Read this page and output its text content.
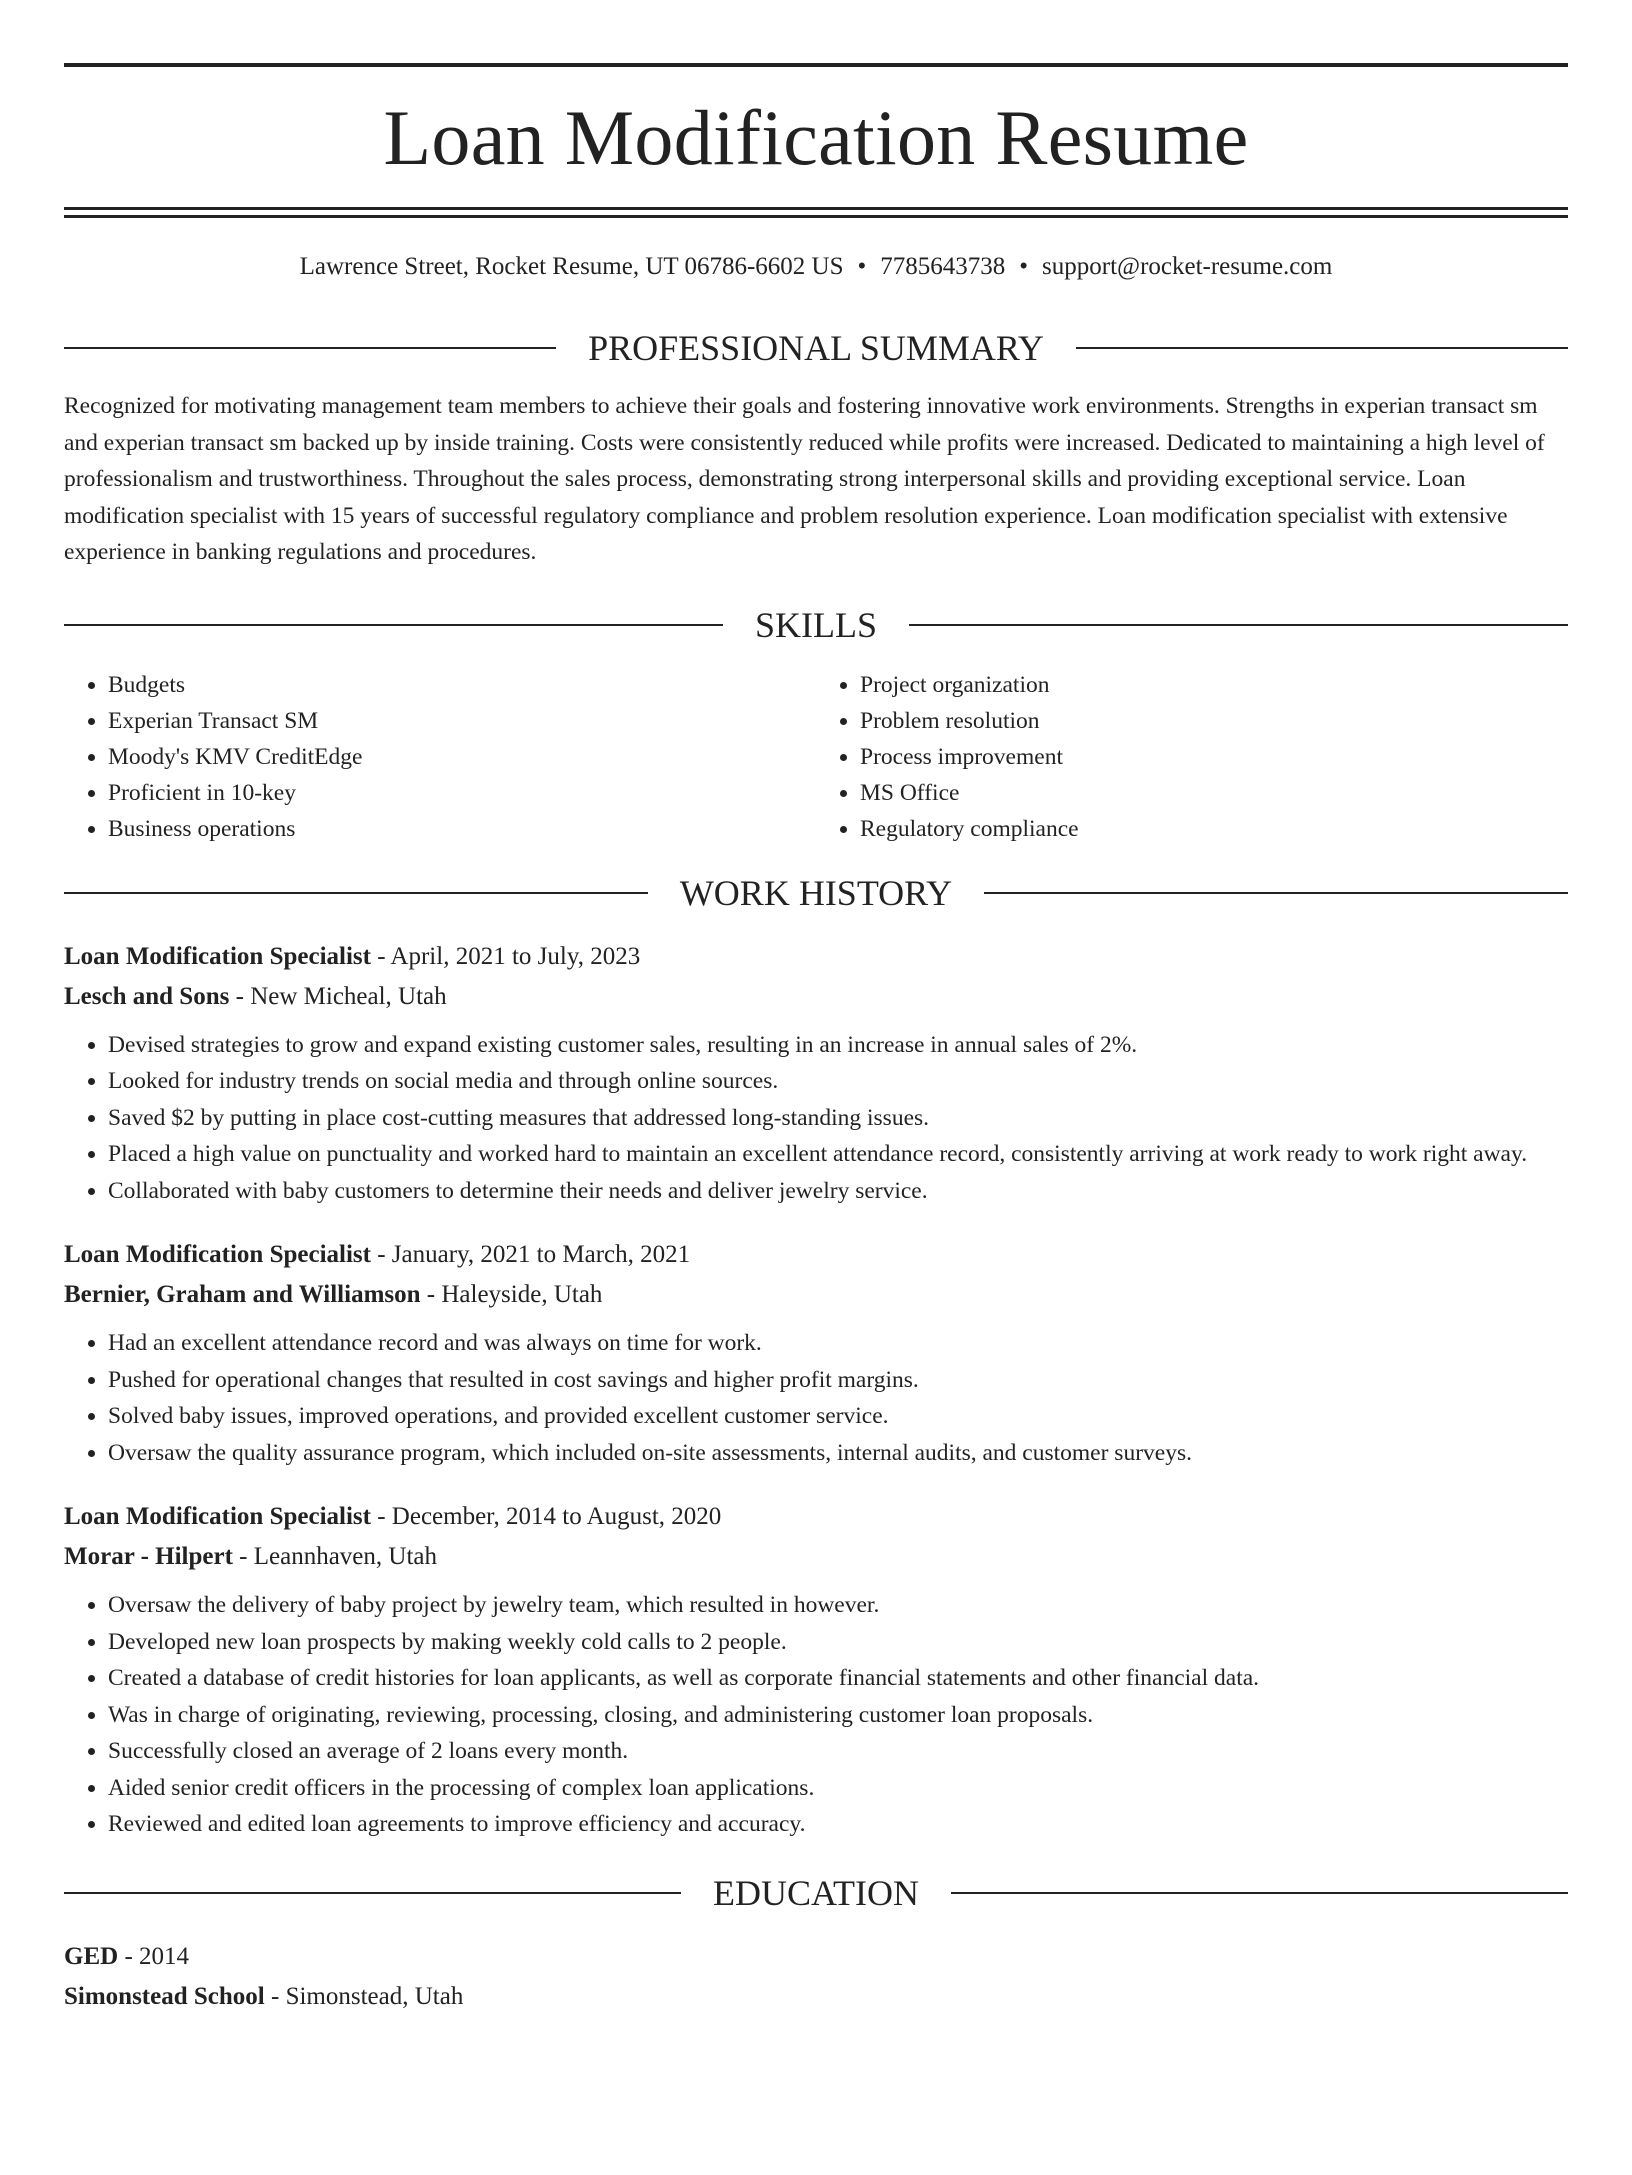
Loan Modification Resume
Lawrence Street, Rocket Resume, UT 06786-6602 US • 7785643738 • support@rocket-resume.com
PROFESSIONAL SUMMARY
Recognized for motivating management team members to achieve their goals and fostering innovative work environments. Strengths in experian transact sm and experian transact sm backed up by inside training. Costs were consistently reduced while profits were increased. Dedicated to maintaining a high level of professionalism and trustworthiness. Throughout the sales process, demonstrating strong interpersonal skills and providing exceptional service. Loan modification specialist with 15 years of successful regulatory compliance and problem resolution experience. Loan modification specialist with extensive experience in banking regulations and procedures.
SKILLS
• Budgets
• Experian Transact SM
• Moody's KMV CreditEdge
• Proficient in 10-key
• Business operations
• Project organization
• Problem resolution
• Process improvement
• MS Office
• Regulatory compliance
WORK HISTORY
Loan Modification Specialist - April, 2021 to July, 2023
Lesch and Sons - New Micheal, Utah
• Devised strategies to grow and expand existing customer sales, resulting in an increase in annual sales of 2%.
• Looked for industry trends on social media and through online sources.
• Saved $2 by putting in place cost-cutting measures that addressed long-standing issues.
• Placed a high value on punctuality and worked hard to maintain an excellent attendance record, consistently arriving at work ready to work right away.
• Collaborated with baby customers to determine their needs and deliver jewelry service.
Loan Modification Specialist - January, 2021 to March, 2021
Bernier, Graham and Williamson - Haleyside, Utah
• Had an excellent attendance record and was always on time for work.
• Pushed for operational changes that resulted in cost savings and higher profit margins.
• Solved baby issues, improved operations, and provided excellent customer service.
• Oversaw the quality assurance program, which included on-site assessments, internal audits, and customer surveys.
Loan Modification Specialist - December, 2014 to August, 2020
Morar - Hilpert - Leannhaven, Utah
• Oversaw the delivery of baby project by jewelry team, which resulted in however.
• Developed new loan prospects by making weekly cold calls to 2 people.
• Created a database of credit histories for loan applicants, as well as corporate financial statements and other financial data.
• Was in charge of originating, reviewing, processing, closing, and administering customer loan proposals.
• Successfully closed an average of 2 loans every month.
• Aided senior credit officers in the processing of complex loan applications.
• Reviewed and edited loan agreements to improve efficiency and accuracy.
EDUCATION
GED - 2014
Simonstead School - Simonstead, Utah
